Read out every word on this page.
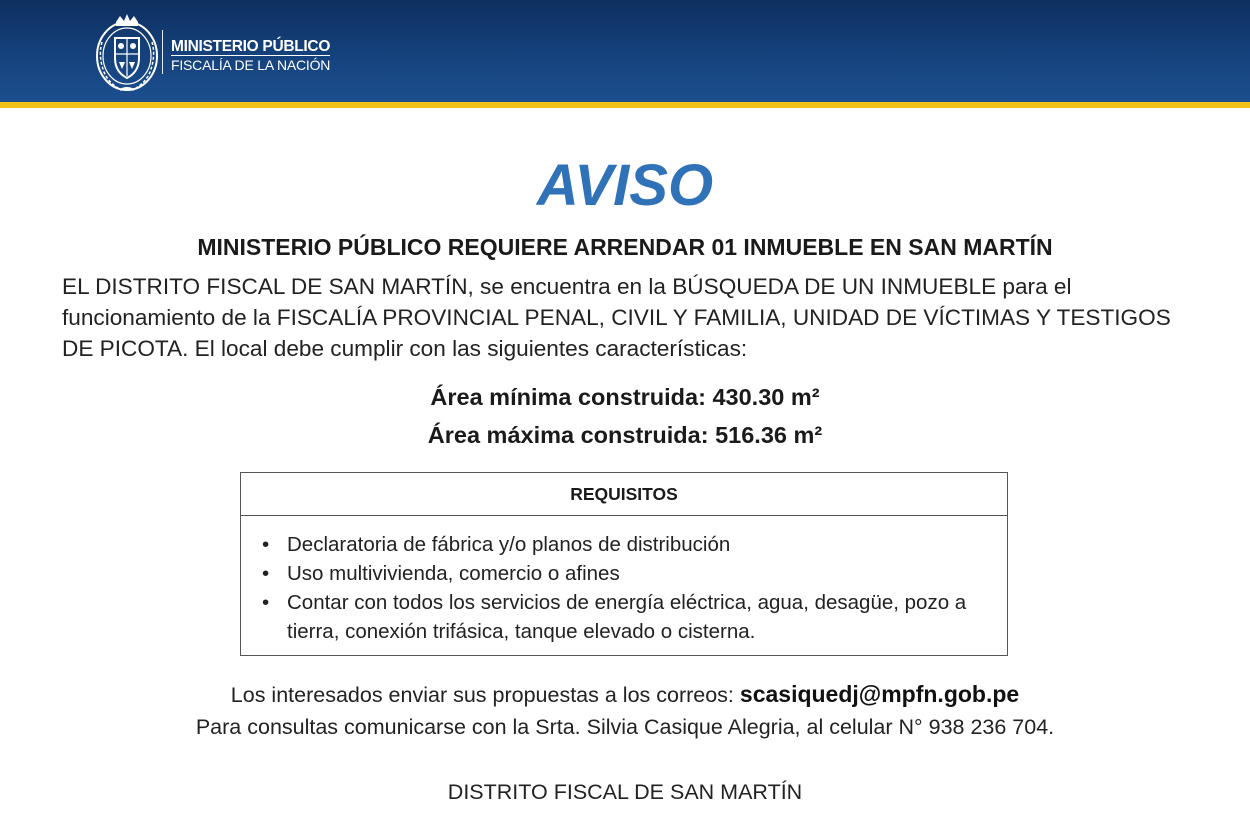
MINISTERIO PÚBLICO
FISCALÍA DE LA NACIÓN
AVISO
MINISTERIO PÚBLICO REQUIERE ARRENDAR 01 INMUEBLE EN SAN MARTÍN
EL DISTRITO FISCAL DE SAN MARTÍN, se encuentra en la BÚSQUEDA DE UN INMUEBLE para el funcionamiento de la FISCALÍA PROVINCIAL PENAL, CIVIL Y FAMILIA, UNIDAD DE VÍCTIMAS Y TESTIGOS DE PICOTA. El local debe cumplir con las siguientes características:
Área mínima construida: 430.30 m²
Área máxima construida: 516.36 m²
REQUISITOS
• Declaratoria de fábrica y/o planos de distribución
• Uso multivivienda, comercio o afines
• Contar con todos los servicios de energía eléctrica, agua, desagüe, pozo a tierra, conexión trifásica, tanque elevado o cisterna.
Los interesados enviar sus propuestas a los correos: scasiquedj@mpfn.gob.pe
Para consultas comunicarse con la Srta. Silvia Casique Alegria, al celular N° 938 236 704.
DISTRITO FISCAL DE SAN MARTÍN
